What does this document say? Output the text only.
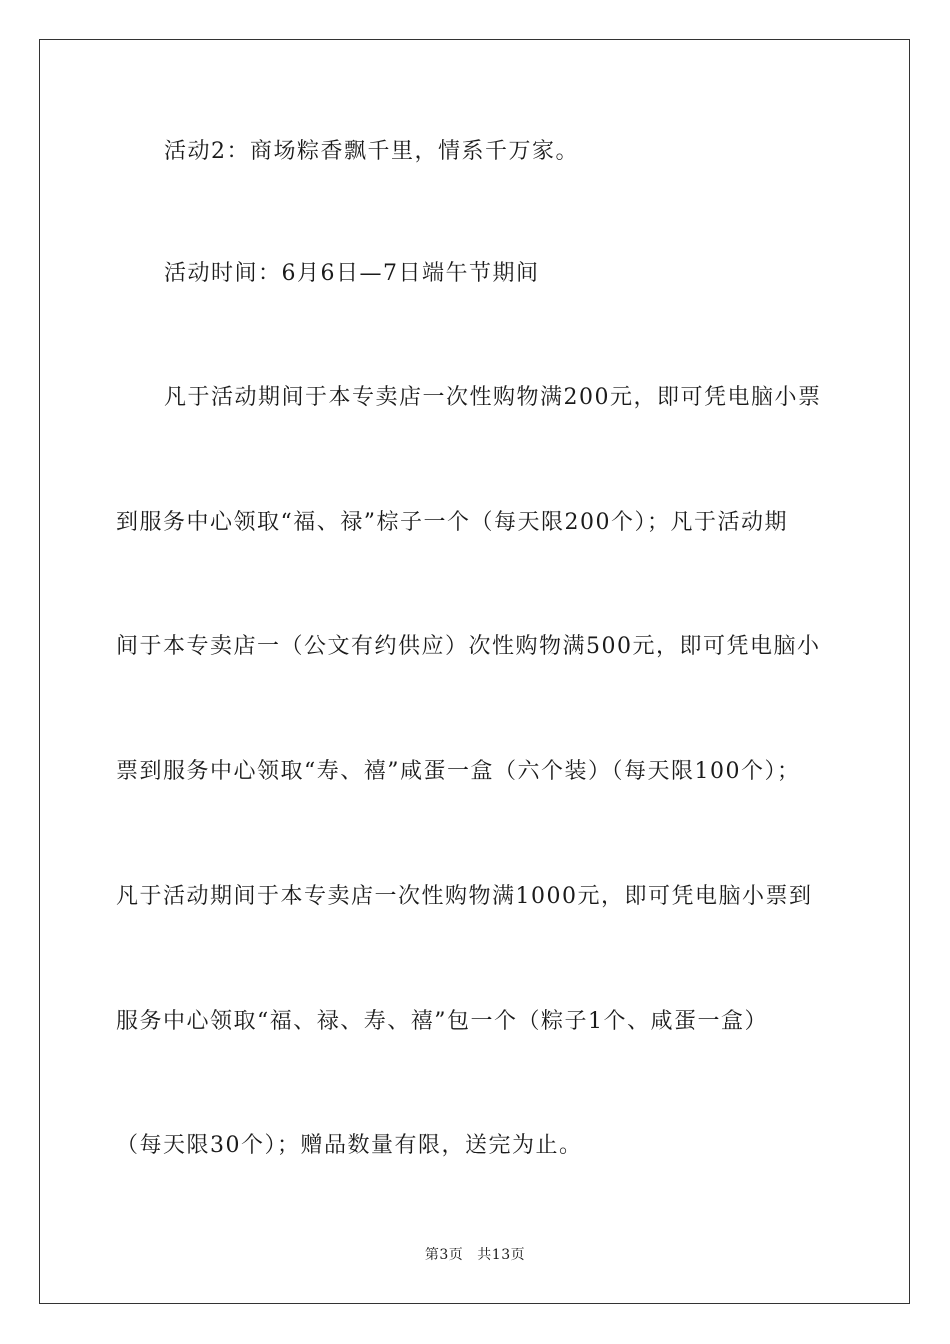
活动2：商场粽香飘千里，情系千万家。
活动时间：6月6日—7日端午节期间
凡于活动期间于本专卖店一次性购物满200元，即可凭电脑小票
到服务中心领取“福、禄”棕子一个（每天限200个）；凡于活动期
间于本专卖店一（公文有约供应）次性购物满500元，即可凭电脑小
票到服务中心领取“寿、禧”咸蛋一盒（六个装）（每天限100个）；
凡于活动期间于本专卖店一次性购物满1000元，即可凭电脑小票到
服务中心领取“福、禄、寿、禧”包一个（粽子1个、咸蛋一盒）
（每天限30个）；赠品数量有限，送完为止。
第3页 共13页
